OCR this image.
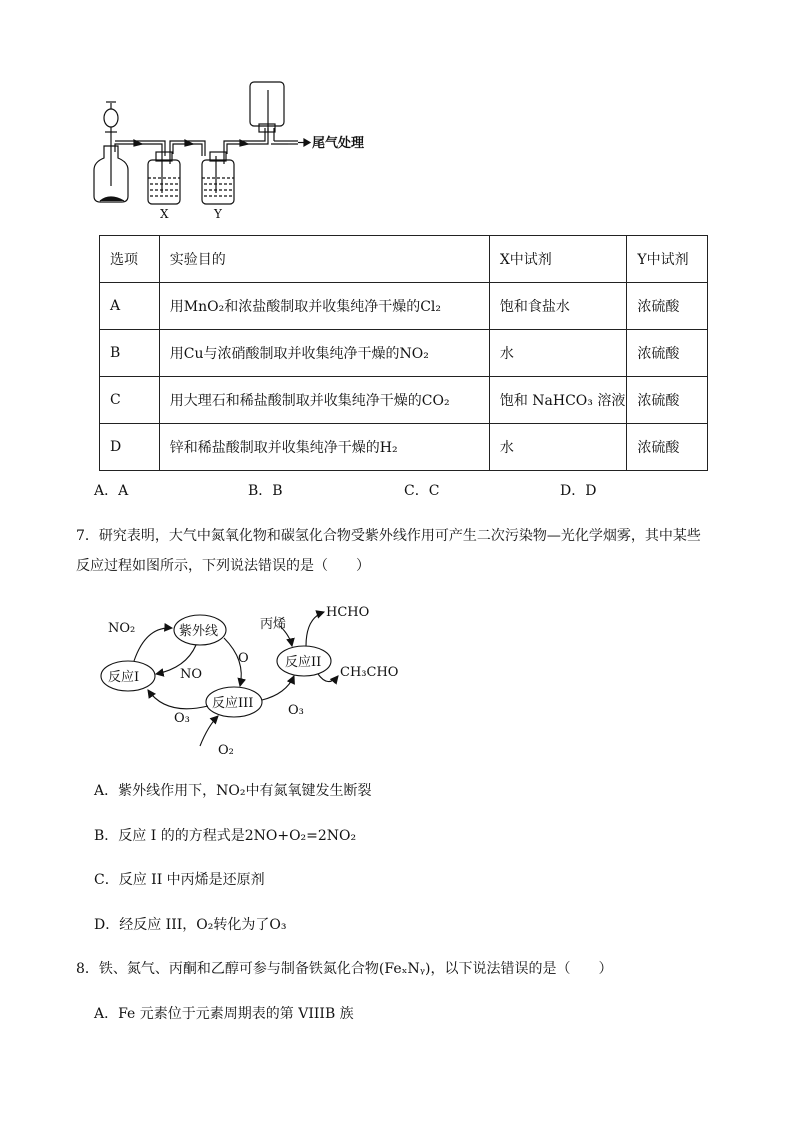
尾气处理
X	Y
选项	实验目的	X中试剂	Y中试剂
A	用MnO₂和浓盐酸制取并收集纯净干燥的Cl₂	饱和食盐水	浓硫酸
B	用Cu与浓硝酸制取并收集纯净干燥的NO₂	水	浓硫酸
C	用大理石和稀盐酸制取并收集纯净干燥的CO₂	饱和 NaHCO₃ 溶液	浓硫酸
D	锌和稀盐酸制取并收集纯净干燥的H₂	水	浓硫酸
A．A	B．B	C．C	D．D
7．研究表明，大气中氮氧化物和碳氢化合物受紫外线作用可产生二次污染物—光化学烟雾，其中某些
反应过程如图所示，下列说法错误的是（　　）
紫外线
反应I
反应III
反应II
NO₂
NO
O
O₃
O₃
O₂
丙烯
HCHO
CH₃CHO
A．紫外线作用下，NO₂中有氮氧键发生断裂
B．反应 I 的的方程式是2NO+O₂=2NO₂
C．反应 II 中丙烯是还原剂
D．经反应 III，O₂转化为了O₃
8．铁、氮气、丙酮和乙醇可参与制备铁氮化合物(FeₓNᵧ)，以下说法错误的是（　　）
A．Fe 元素位于元素周期表的第 VIIIB 族
